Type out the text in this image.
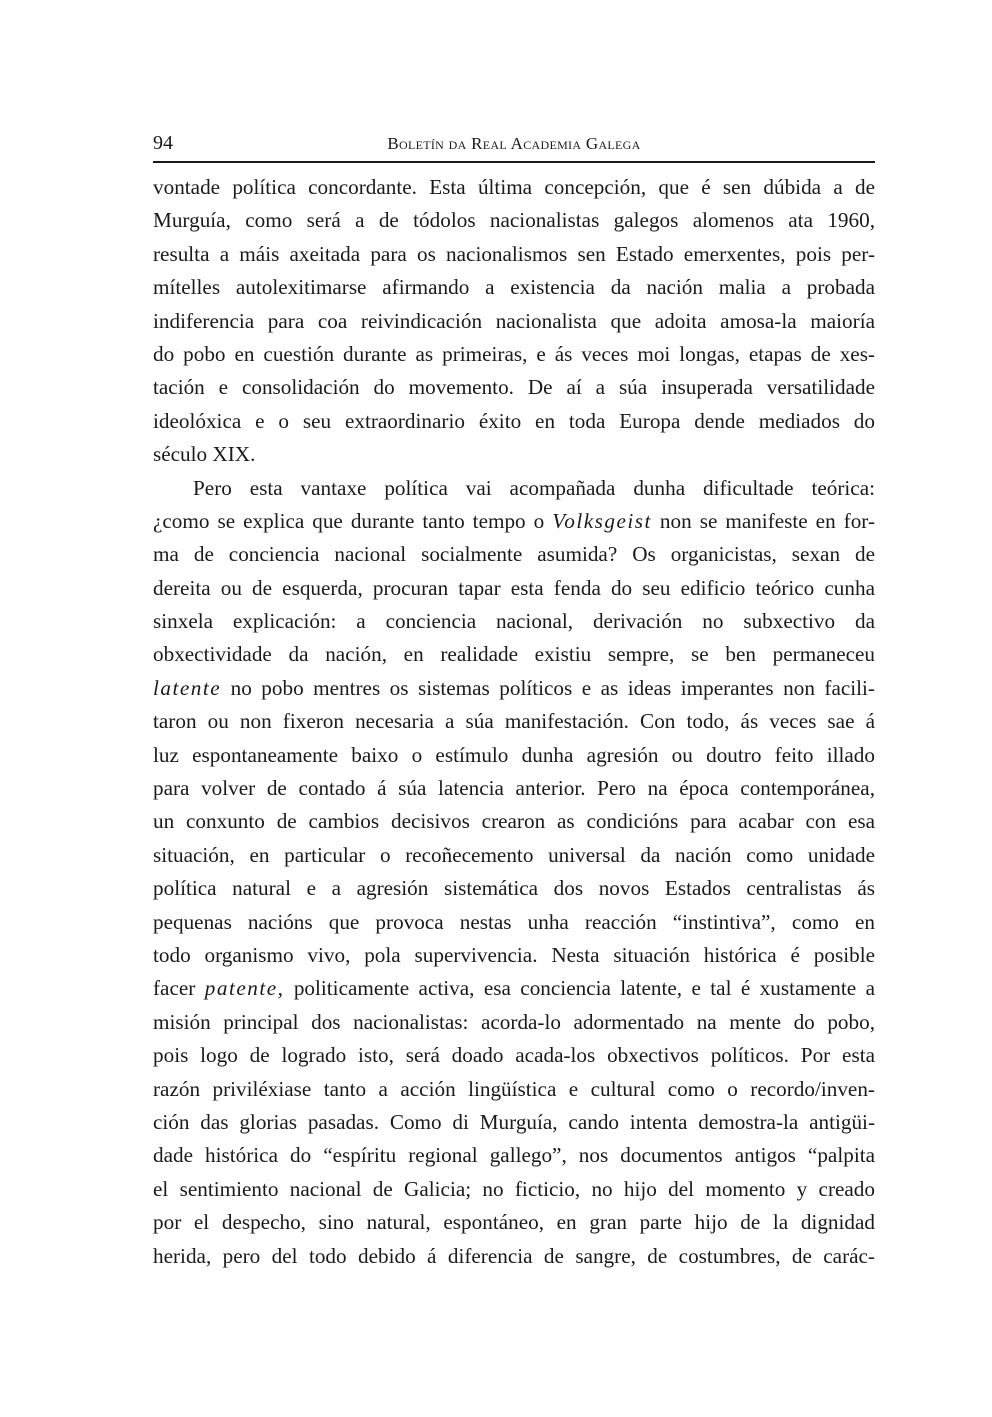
94	Boletín da Real Academia Galega
vontade política concordante. Esta última concepción, que é sen dúbida a de
Murguía, como será a de tódolos nacionalistas galegos alomenos ata 1960,
resulta a máis axeitada para os nacionalismos sen Estado emerxentes, pois per-
mítelles autolexitimarse afirmando a existencia da nación malia a probada
indiferencia para coa reivindicación nacionalista que adoita amosa-la maioría
do pobo en cuestión durante as primeiras, e ás veces moi longas, etapas de xes-
tación e consolidación do movemento. De aí a súa insuperada versatilidade
ideolóxica e o seu extraordinario éxito en toda Europa dende mediados do
século XIX.
Pero esta vantaxe política vai acompañada dunha dificultade teórica:
¿como se explica que durante tanto tempo o Volksgeist non se manifeste en for-
ma de conciencia nacional socialmente asumida? Os organicistas, sexan de
dereita ou de esquerda, procuran tapar esta fenda do seu edificio teórico cunha
sinxela explicación: a conciencia nacional, derivación no subxectivo da
obxectividade da nación, en realidade existiu sempre, se ben permaneceu
latente no pobo mentres os sistemas políticos e as ideas imperantes non facili-
taron ou non fixeron necesaria a súa manifestación. Con todo, ás veces sae á
luz espontaneamente baixo o estímulo dunha agresión ou doutro feito illado
para volver de contado á súa latencia anterior. Pero na época contemporánea,
un conxunto de cambios decisivos crearon as condicións para acabar con esa
situación, en particular o recoñecemento universal da nación como unidade
política natural e a agresión sistemática dos novos Estados centralistas ás
pequenas nacións que provoca nestas unha reacción “instintiva”, como en
todo organismo vivo, pola supervivencia. Nesta situación histórica é posible
facer patente, politicamente activa, esa conciencia latente, e tal é xustamente a
misión principal dos nacionalistas: acorda-lo adormentado na mente do pobo,
pois logo de logrado isto, será doado acada-los obxectivos políticos. Por esta
razón priviléxiase tanto a acción lingüística e cultural como o recordo/inven-
ción das glorias pasadas. Como di Murguía, cando intenta demostra-la antigüi-
dade histórica do “espíritu regional gallego”, nos documentos antigos “palpita
el sentimiento nacional de Galicia; no ficticio, no hijo del momento y creado
por el despecho, sino natural, espontáneo, en gran parte hijo de la dignidad
herida, pero del todo debido á diferencia de sangre, de costumbres, de carác-
